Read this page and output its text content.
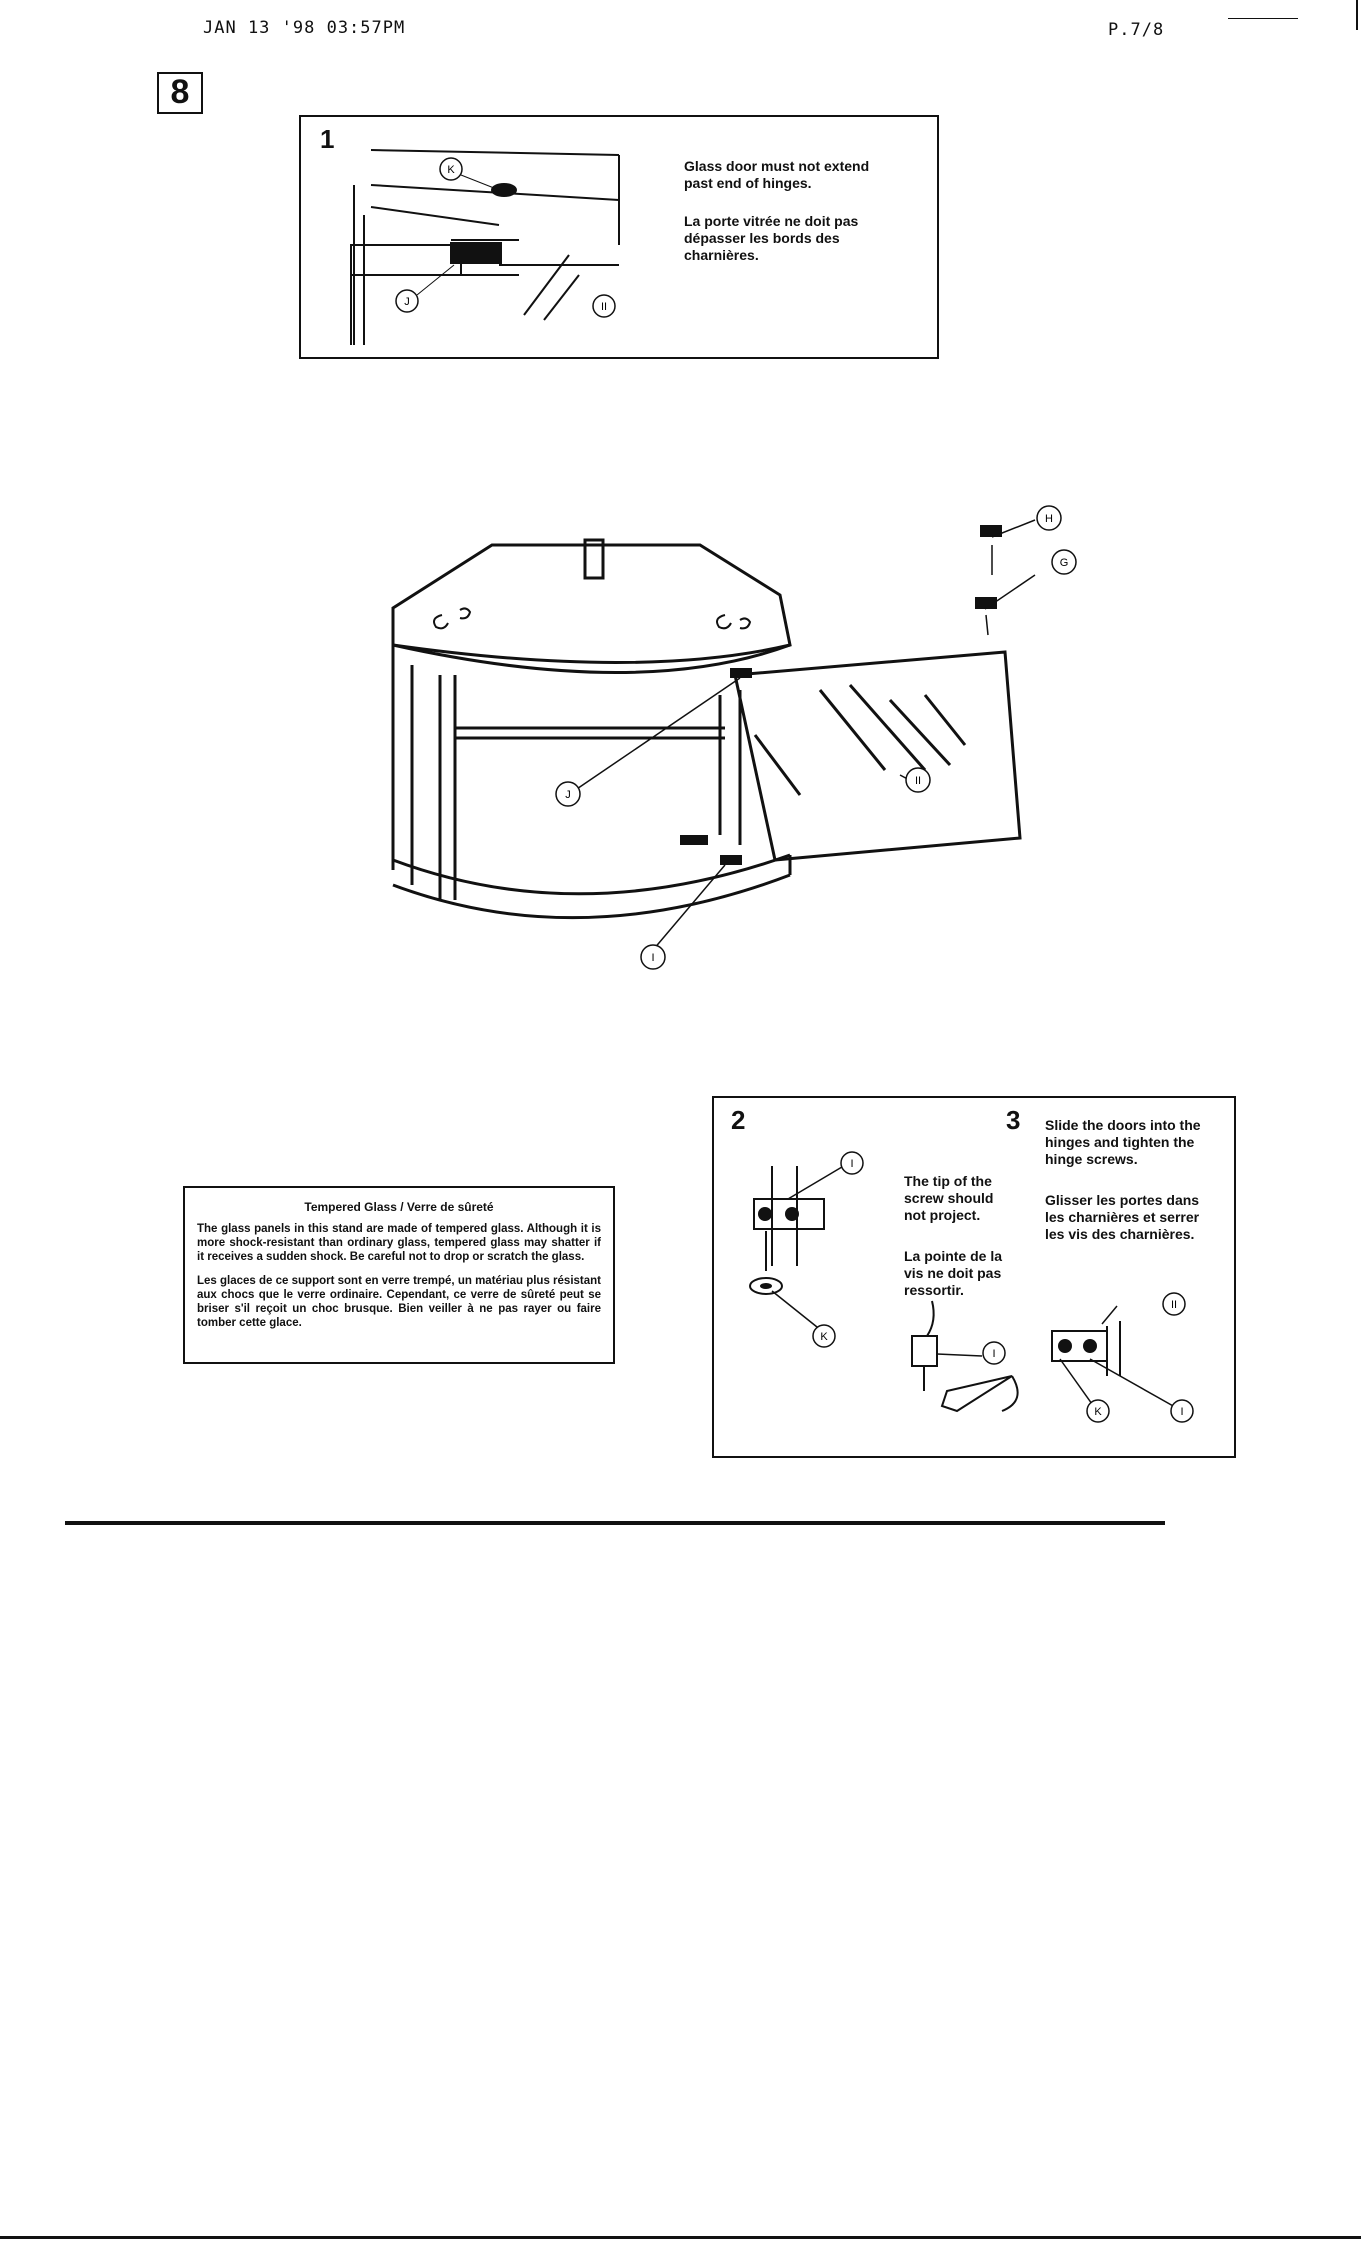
JAN 13 '98 03:57PM	P.7/8
8
1
Glass door must not extend past end of hinges.
La porte vitrée ne doit pas dépasser les bords des charnières.
K
J	II
H
G
J
II
I
Tempered Glass / Verre de sûreté

The glass panels in this stand are made of tempered glass. Although it is more shock-resistant than ordinary glass, tempered glass may shatter if it receives a sudden shock. Be careful not to drop or scratch the glass.

Les glaces de ce support sont en verre trempé, un matériau plus résistant aux chocs que le verre ordinaire. Cependant, ce verre de sûreté peut se briser s'il reçoit un choc brusque. Bien veiller à ne pas rayer ou faire tomber cette glace.

2	3
The tip of the screw should not project.
La pointe de la vis ne doit pas ressortir.
Slide the doors into the hinges and tighten the hinge screws.
Glisser les portes dans les charnières et serrer les vis des charnières.
I
K
I
II
K	I
